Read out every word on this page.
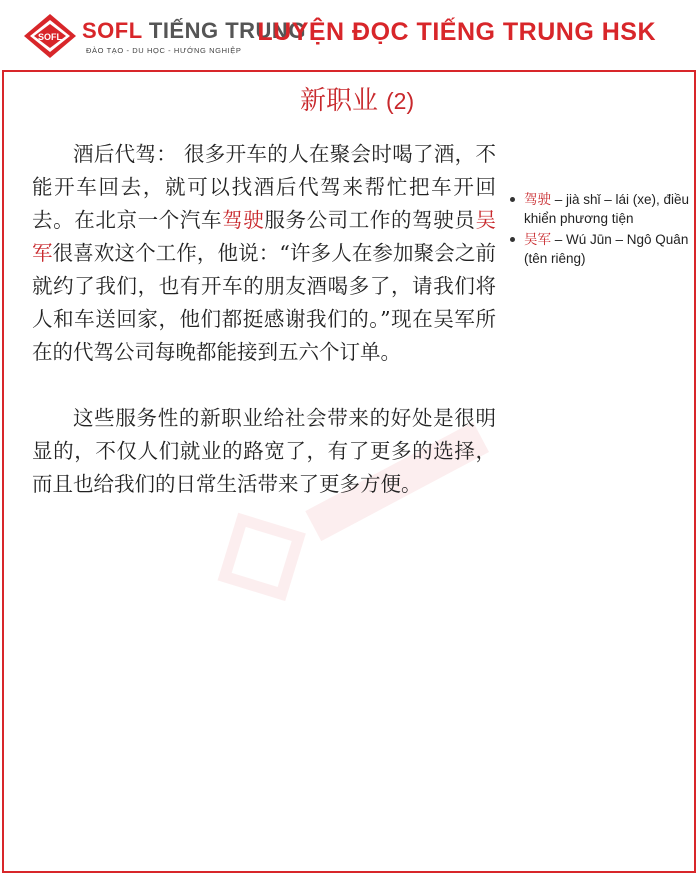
SOFL SOFL TIẾNG TRUNG
ĐÀO TẠO - DU HỌC - HƯỚNG NGHIỆP
LUYỆN ĐỌC TIẾNG TRUNG HSK
新职业 (2)

酒后代驾： 很多开车的人在聚会时喝了酒，不能开车回去，就可以找酒后代驾来帮忙把车开回去。在北京一个汽车驾驶服务公司工作的驾驶员吴军很喜欢这个工作，他说：“许多人在参加聚会之前就约了我们，也有开车的朋友酒喝多了，请我们将人和车送回家，他们都挺感谢我们的。”现在吴军所在的代驾公司每晚都能接到五六个订单。

这些服务性的新职业给社会带来的好处是很明显的，不仅人们就业的路宽了，有了更多的选择，而且也给我们的日常生活带来了更多方便。

驾驶 – jià shǐ – lái (xe), điều khiển phương tiện
吴军 – Wú Jūn – Ngô Quân (tên riêng)
